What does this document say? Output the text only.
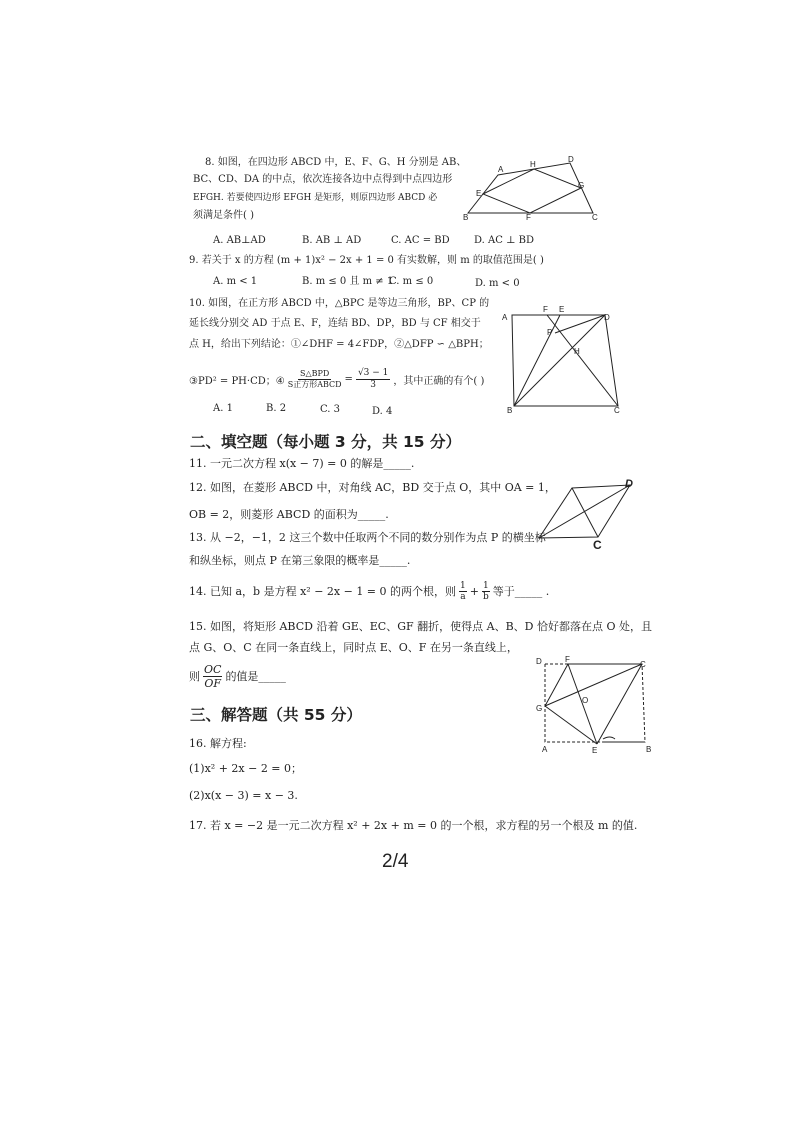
8. 如图，在四边形 ABCD 中，E、F、G、H 分别是 AB、
BC、CD、DA 的中点，依次连接各边中点得到中点四边形
EFGH. 若要使四边形 EFGH 是矩形，则原四边形 ABCD 必
须满足条件( )
A. AB⊥AD	B. AB ⊥ AD	C. AC = BD D. AC ⊥ BD
A
H
D
E
G
B	F	C
9. 若关于 x 的方程 (m + 1)x² − 2x + 1 = 0 有实数解，则 m 的取值范围是( )
A. m < 1	B. m ≤ 0 且 m ≠ 1
C. m ≤ 0	D. m < 0
10. 如图，在正方形 ABCD 中，△BPC 是等边三角形，BP、CP 的
延长线分别交 AD 于点 E、F，连结 BD、DP，BD 与 CF 相交于
点 H，给出下列结论：①∠DHF = 4∠FDP，②△DFP ∽ △BPH；
③PD² = PH·CD；④
S△BPD
S正方形ABCD = $\frac{√3 - 1}{3}$ ，其中正确的有个( )
A. 1	B. 2	C. 3	D. 4
F E
A	D
P
H
B	C
二、填空题（每小题 3 分，共 15 分）
11. 一元二次方程 x(x − 7) = 0 的解是_____.
12. 如图，在菱形 ABCD 中，对角线 AC，BD 交于点 O，其中 OA = 1，
OB = 2，则菱形 ABCD 的面积为_____.
D
C
13. 从 −2，−1，2 这三个数中任取两个不同的数分别作为点 P 的横坐标
和纵坐标，则点 P 在第三象限的概率是_____.
14. 已知 a，b 是方程 x² − 2x − 1 = 0 的两个根，则 $\frac{1}{a} + \frac{1}{b}$ 等于_____ .
15. 如图，将矩形 ABCD 沿着 GE、EC、GF 翻折，使得点 A、B、D 恰好都落在点 O 处，且
点 G、O、C 在同一条直线上，同时点 E、O、F 在另一条直线上，
则 $\frac{OC}{OF}$ 的值是_____
D	F
C
O
G
A	E	B
三、解答题（共 55 分）
16. 解方程:
(1)x² + 2x − 2 = 0；
(2)x(x − 3) = x − 3.
17. 若 x = −2 是一元二次方程 x² + 2x + m = 0 的一个根，求方程的另一个根及 m 的值.
2/4
